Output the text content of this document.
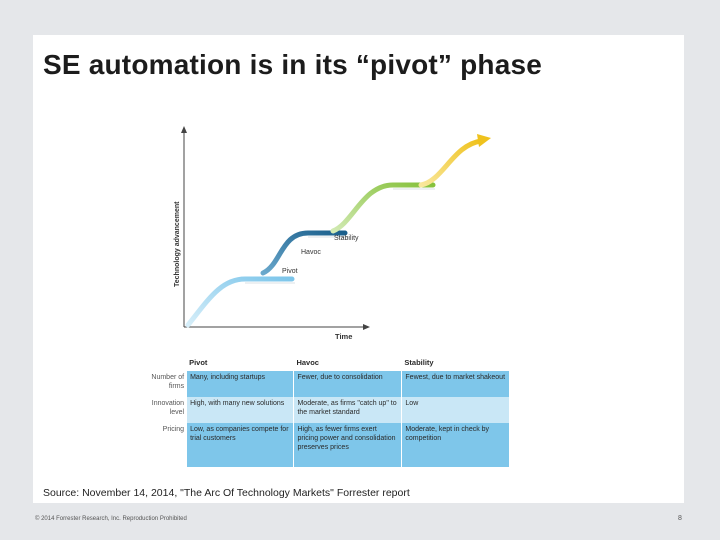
SE automation is in its “pivot” phase
Technology advancement
Time
Pivot
Havoc
Stability
	Pivot	Havoc	Stability
Number of firms	Many, including startups	Fewer, due to consolidation	Fewest, due to market shakeout
Innovation level	High, with many new solutions	Moderate, as firms "catch up" to the market standard	Low
Pricing	Low, as companies compete for trial customers	High, as fewer firms exert pricing power and consolidation preserves prices	Moderate, kept in check by competition
Source: November 14, 2014, "The Arc Of Technology Markets" Forrester report
© 2014 Forrester Research, Inc. Reproduction Prohibited	8
